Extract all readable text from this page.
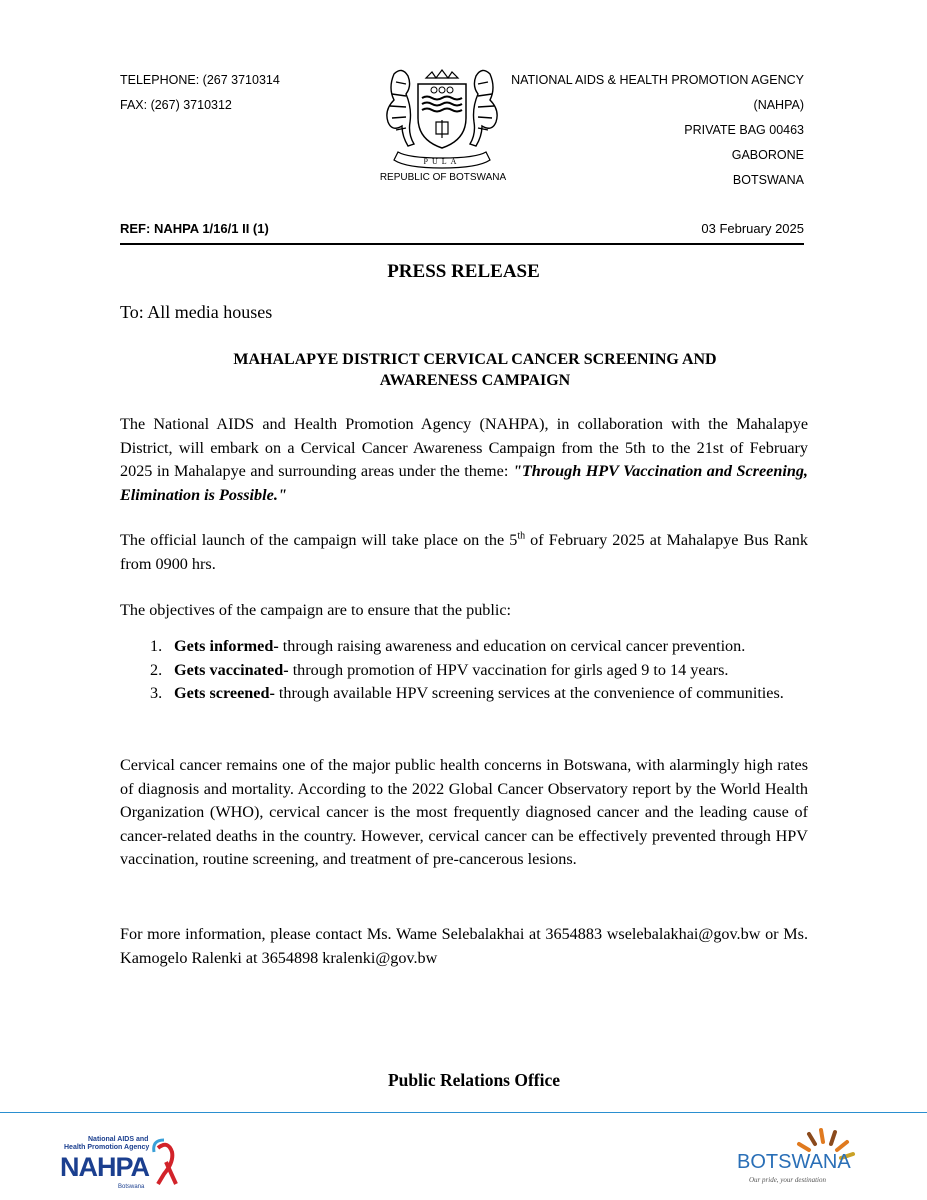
TELEPHONE: (267 3710314
FAX: (267) 3710312
PULA
REPUBLIC OF BOTSWANA
NATIONAL AIDS & HEALTH PROMOTION AGENCY
(NAHPA)
PRIVATE BAG 00463
GABORONE
BOTSWANA
REF: NAHPA 1/16/1 II (1)	03 February 2025
PRESS RELEASE
To: All media houses
MAHALAPYE DISTRICT CERVICAL CANCER SCREENING AND
AWARENESS CAMPAIGN
The National AIDS and Health Promotion Agency (NAHPA), in collaboration with the Mahalapye District, will embark on a Cervical Cancer Awareness Campaign from the 5th to the 21st of February 2025 in Mahalapye and surrounding areas under the theme: "Through HPV Vaccination and Screening, Elimination is Possible."
The official launch of the campaign will take place on the 5th of February 2025 at Mahalapye Bus Rank from 0900 hrs.
The objectives of the campaign are to ensure that the public:
1. Gets informed- through raising awareness and education on cervical cancer prevention.
2. Gets vaccinated- through promotion of HPV vaccination for girls aged 9 to 14 years.
3. Gets screened- through available HPV screening services at the convenience of communities.
Cervical cancer remains one of the major public health concerns in Botswana, with alarmingly high rates of diagnosis and mortality. According to the 2022 Global Cancer Observatory report by the World Health Organization (WHO), cervical cancer is the most frequently diagnosed cancer and the leading cause of cancer-related deaths in the country. However, cervical cancer can be effectively prevented through HPV vaccination, routine screening, and treatment of pre-cancerous lesions.
For more information, please contact Ms. Wame Selebalakhai at 3654883 wselebalakhai@gov.bw or Ms. Kamogelo Ralenki at 3654898 kralenki@gov.bw
Public Relations Office
National AIDS and
Health Promotion Agency
NAHPA
Botswana
BOTSWANA
Our pride, your destination
